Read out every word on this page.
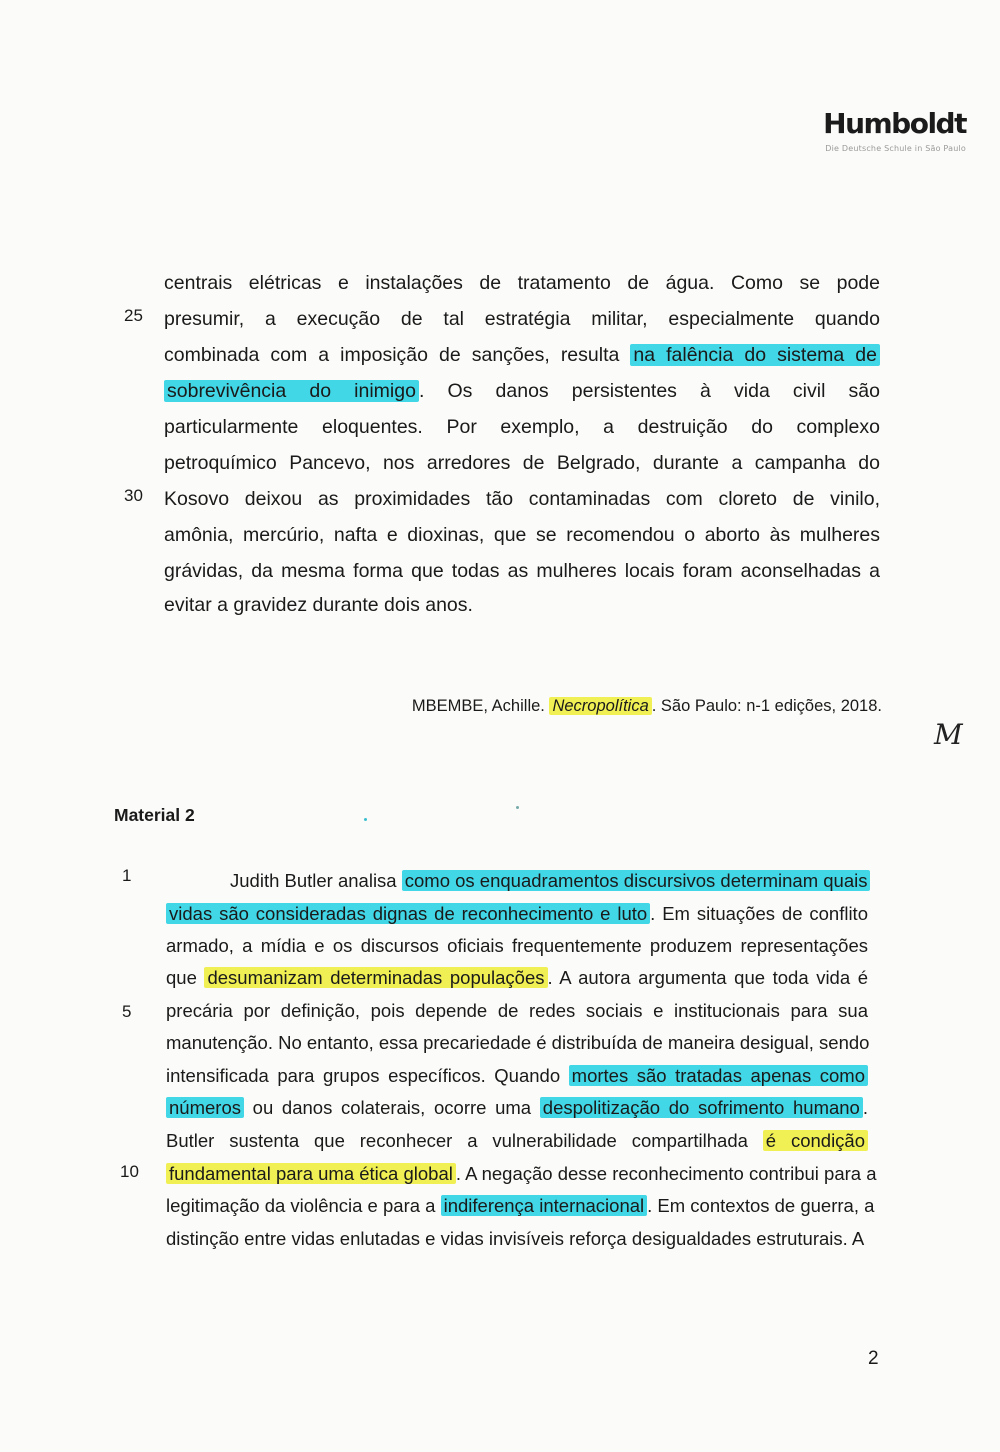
Humboldt
Die Deutsche Schule in São Paulo
centrais elétricas e instalações de tratamento de água. Como se pode
25 presumir, a execução de tal estratégia militar, especialmente quando
combinada com a imposição de sanções, resulta na falência do sistema de
sobrevivência do inimigo . Os danos persistentes à vida civil são
particularmente eloquentes. Por exemplo, a destruição do complexo
petroquímico Pancevo, nos arredores de Belgrado, durante a campanha do
30 Kosovo deixou as proximidades tão contaminadas com cloreto de vinilo,
amônia, mercúrio, nafta e dioxinas, que se recomendou o aborto às mulheres
grávidas, da mesma forma que todas as mulheres locais foram aconselhadas a
evitar a gravidez durante dois anos.
MBEMBE, Achille. Necropolítica . São Paulo: n-1 edições, 2018.
M
Material 2
1	Judith Butler analisa como os enquadramentos discursivos determinam quais
vidas são consideradas dignas de reconhecimento e luto . Em situações de conflito
armado, a mídia e os discursos oficiais frequentemente produzem representações
que desumanizam determinadas populações . A autora argumenta que toda vida é
5 precária por definição, pois depende de redes sociais e institucionais para sua
manutenção. No entanto, essa precariedade é distribuída de maneira desigual, sendo
intensificada para grupos específicos. Quando mortes são tratadas apenas como
números ou danos colaterais, ocorre uma despolitização do sofrimento humano .
Butler sustenta que reconhecer a vulnerabilidade compartilhada é condição
10 fundamental para uma ética global . A negação desse reconhecimento contribui para a
legitimação da violência e para a indiferença internacional . Em contextos de guerra, a
distinção entre vidas enlutadas e vidas invisíveis reforça desigualdades estruturais. A
2
